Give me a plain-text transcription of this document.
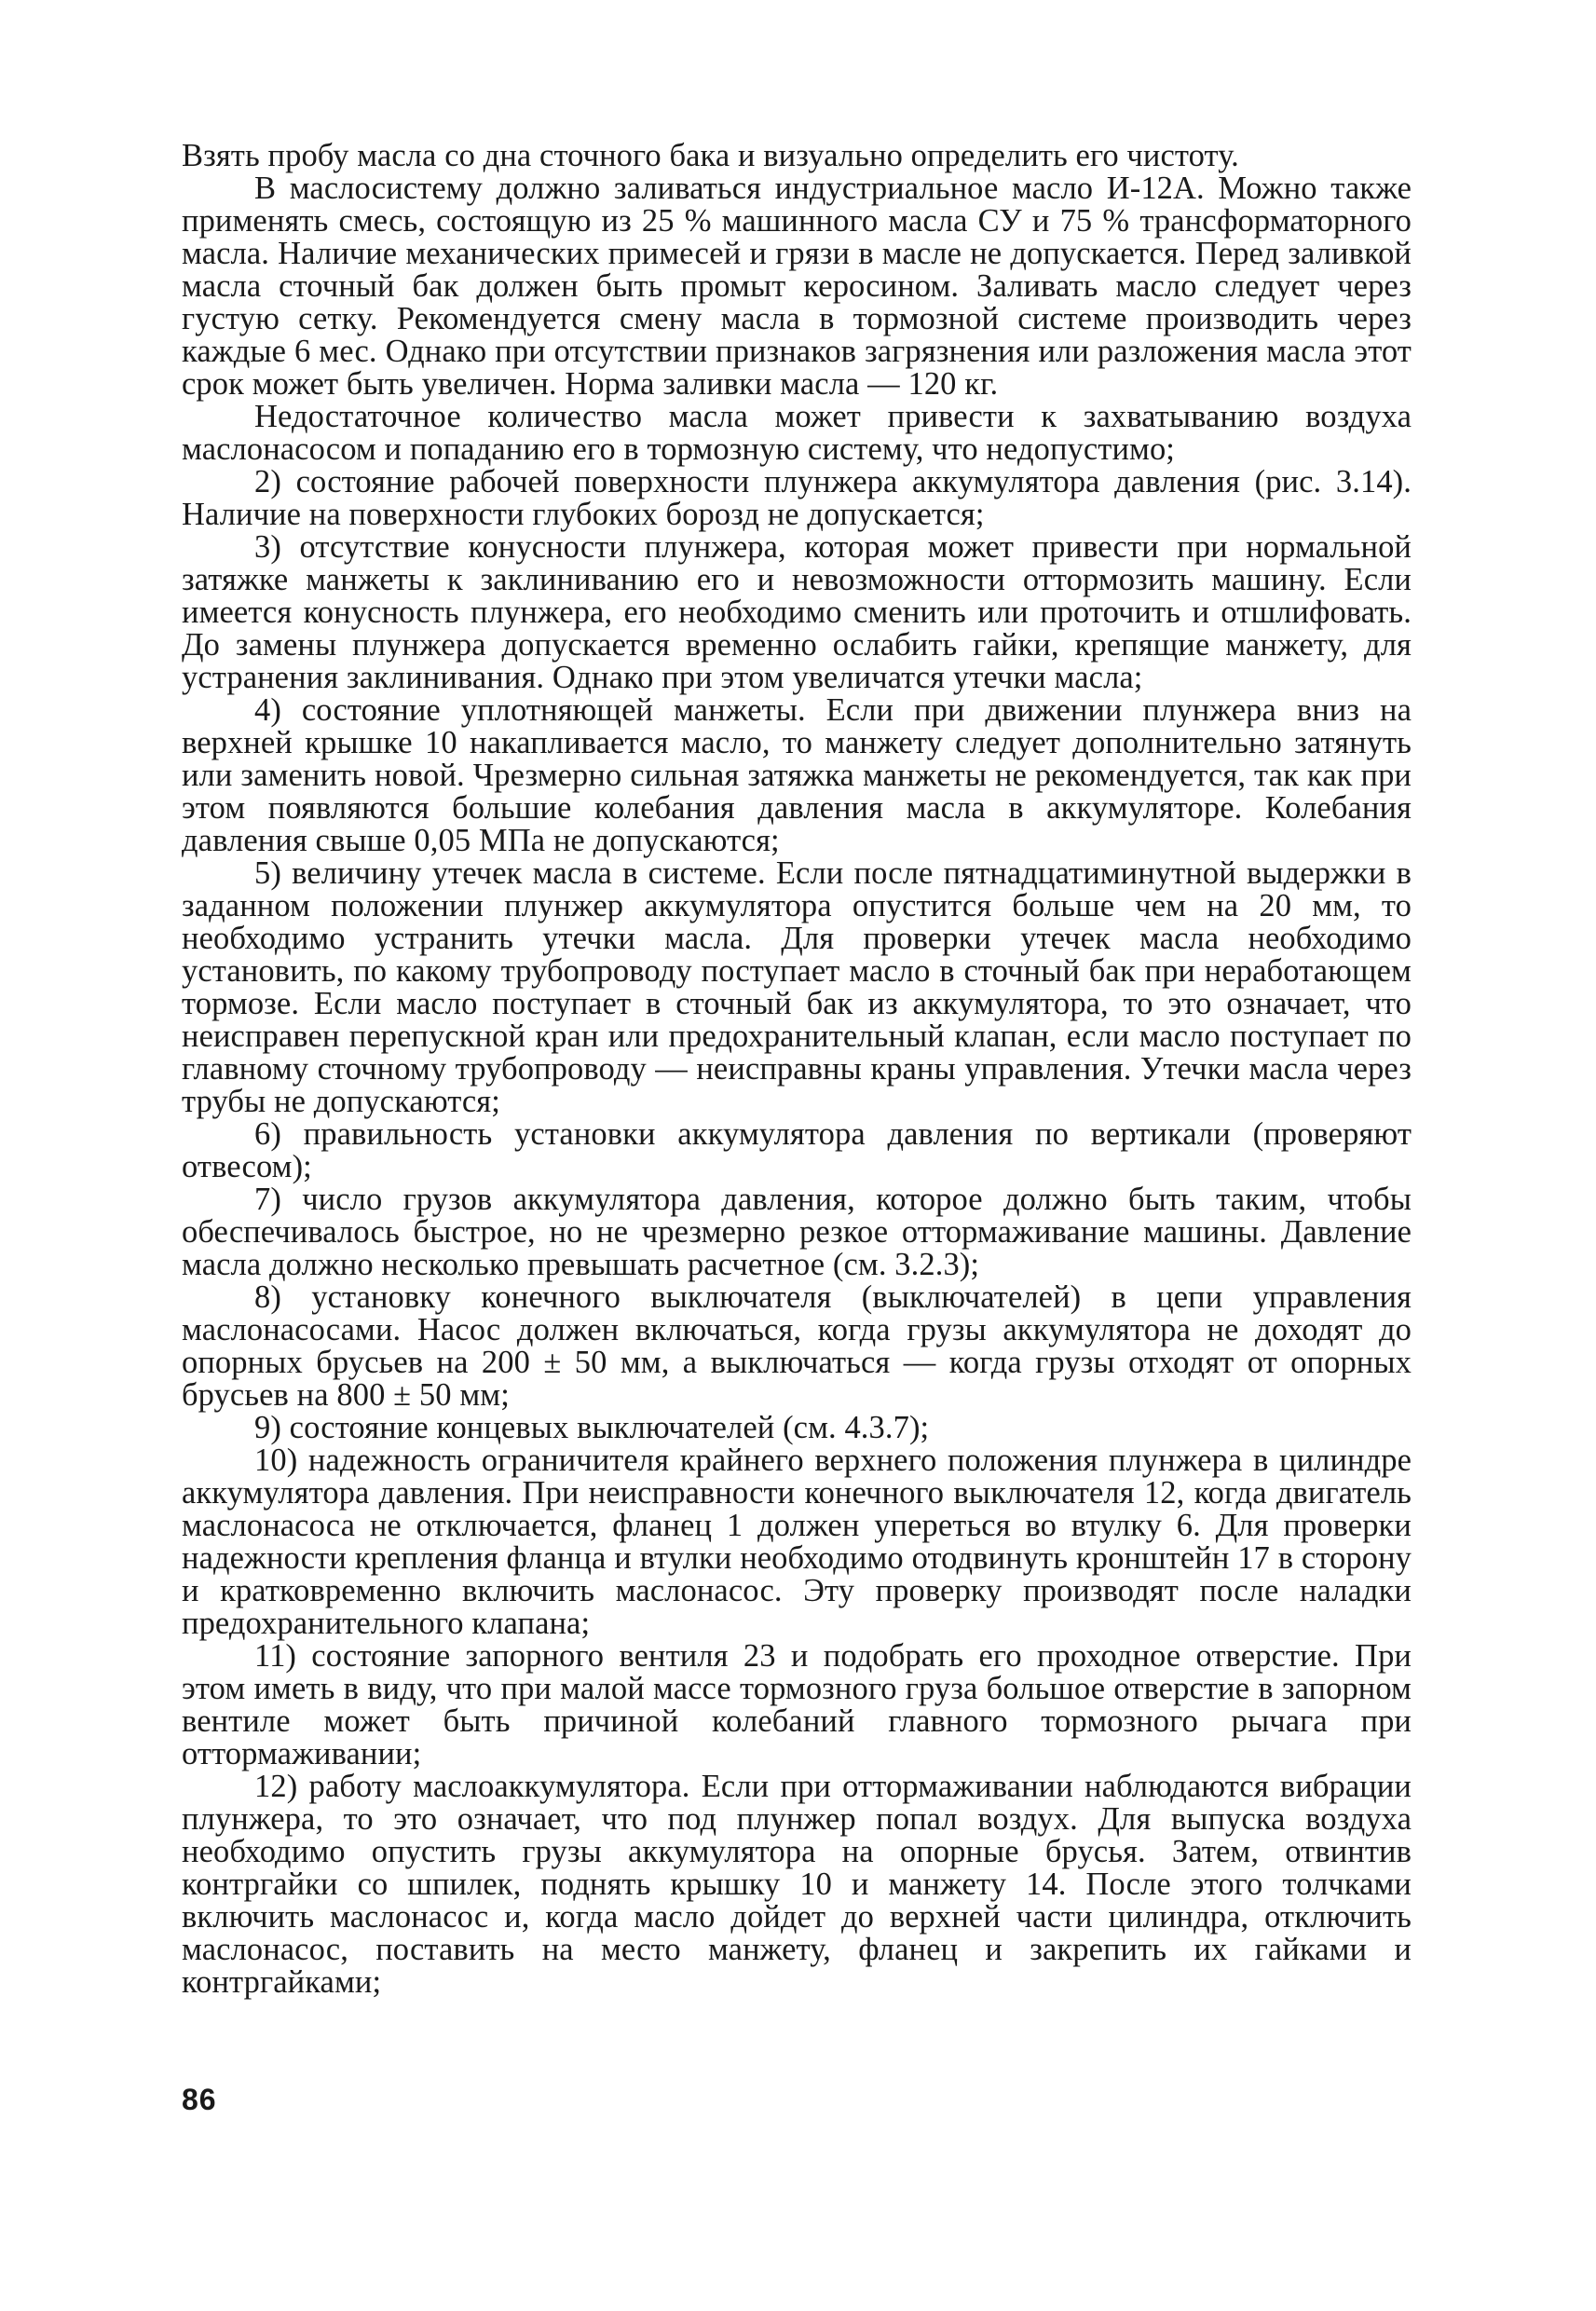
Взять пробу масла со дна сточного бака и визуально определить его чистоту.

В маслосистему должно заливаться индустриальное масло И-12А. Можно также применять смесь, состоящую из 25 % машинного масла СУ и 75 % трансформаторного масла. Наличие механических примесей и грязи в масле не допускается. Перед заливкой масла сточный бак должен быть промыт керосином. Заливать масло следует через густую сетку. Рекомендуется смену масла в тормозной системе производить через каждые 6 мес. Однако при отсутствии признаков загрязнения или разложения масла этот срок может быть увеличен. Норма заливки масла — 120 кг.

Недостаточное количество масла может привести к захватыванию воздуха маслонасосом и попаданию его в тормозную систему, что недопустимо;

2) состояние рабочей поверхности плунжера аккумулятора давления (рис. 3.14). Наличие на поверхности глубоких борозд не допускается;

3) отсутствие конусности плунжера, которая может привести при нормальной затяжке манжеты к заклиниванию его и невозможности оттормозить машину. Если имеется конусность плунжера, его необходимо сменить или проточить и отшлифовать. До замены плунжера допускается временно ослабить гайки, крепящие манжету, для устранения заклинивания. Однако при этом увеличатся утечки масла;

4) состояние уплотняющей манжеты. Если при движении плунжера вниз на верхней крышке 10 накапливается масло, то манжету следует дополнительно затянуть или заменить новой. Чрезмерно сильная затяжка манжеты не рекомендуется, так как при этом появляются большие колебания давления масла в аккумуляторе. Колебания давления свыше 0,05 МПа не допускаются;

5) величину утечек масла в системе. Если после пятнадцатиминутной выдержки в заданном положении плунжер аккумулятора опустится больше чем на 20 мм, то необходимо устранить утечки масла. Для проверки утечек масла необходимо установить, по какому трубопроводу поступает масло в сточный бак при неработающем тормозе. Если масло поступает в сточный бак из аккумулятора, то это означает, что неисправен перепускной кран или предохранительный клапан, если масло поступает по главному сточному трубопроводу — неисправны краны управления. Утечки масла через трубы не допускаются;

6) правильность установки аккумулятора давления по вертикали (проверяют отвесом);

7) число грузов аккумулятора давления, которое должно быть таким, чтобы обеспечивалось быстрое, но не чрезмерно резкое оттормаживание машины. Давление масла должно несколько превышать расчетное (см. 3.2.3);

8) установку конечного выключателя (выключателей) в цепи управления маслонасосами. Насос должен включаться, когда грузы аккумулятора не доходят до опорных брусьев на 200 ± 50 мм, а выключаться — когда грузы отходят от опорных брусьев на 800 ± 50 мм;

9) состояние концевых выключателей (см. 4.3.7);

10) надежность ограничителя крайнего верхнего положения плунжера в цилиндре аккумулятора давления. При неисправности конечного выключателя 12, когда двигатель маслонасоса не отключается, фланец 1 должен упереться во втулку 6. Для проверки надежности крепления фланца и втулки необходимо отодвинуть кронштейн 17 в сторону и кратковременно включить маслонасос. Эту проверку производят после наладки предохранительного клапана;

11) состояние запорного вентиля 23 и подобрать его проходное отверстие. При этом иметь в виду, что при малой массе тормозного груза большое отверстие в запорном вентиле может быть причиной колебаний главного тормозного рычага при оттормаживании;

12) работу маслоаккумулятора. Если при оттормаживании наблюдаются вибрации плунжера, то это означает, что под плунжер попал воздух. Для выпуска воздуха необходимо опустить грузы аккумулятора на опорные брусья. Затем, отвинтив контргайки со шпилек, поднять крышку 10 и манжету 14. После этого толчками включить маслонасос и, когда масло дойдет до верхней части цилиндра, отключить маслонасос, поставить на место манжету, фланец и закрепить их гайками и контргайками;

86
